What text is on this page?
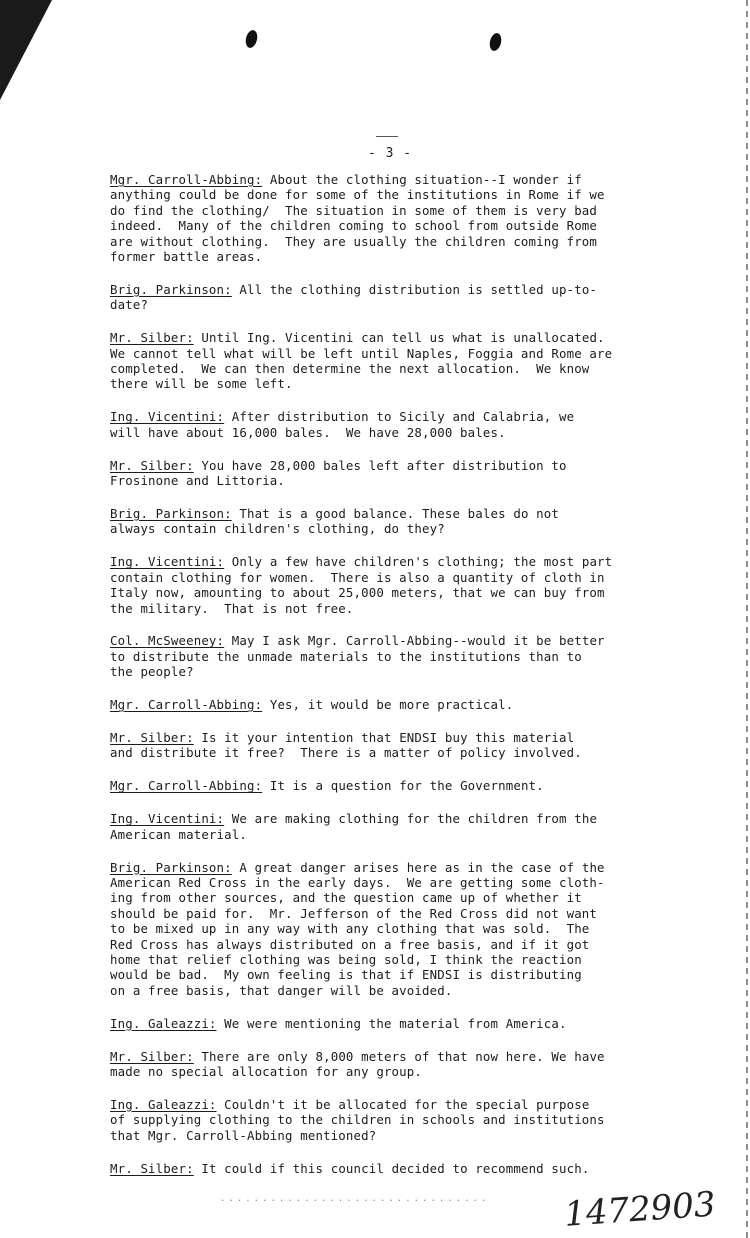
- 3 -
Mgr. Carroll-Abbing: About the clothing situation--I wonder if
anything could be done for some of the institutions in Rome if we
do find the clothing/  The situation in some of them is very bad
indeed.  Many of the children coming to school from outside Rome
are without clothing.  They are usually the children coming from
former battle areas.
Brig. Parkinson: All the clothing distribution is settled up-to-
date?
Mr. Silber: Until Ing. Vicentini can tell us what is unallocated.
We cannot tell what will be left until Naples, Foggia and Rome are
completed.  We can then determine the next allocation.  We know
there will be some left.
Ing. Vicentini: After distribution to Sicily and Calabria, we
will have about 16,000 bales.  We have 28,000 bales.
Mr. Silber: You have 28,000 bales left after distribution to
Frosinone and Littoria.
Brig. Parkinson: That is a good balance. These bales do not
always contain children's clothing, do they?
Ing. Vicentini: Only a few have children's clothing; the most part
contain clothing for women.  There is also a quantity of cloth in
Italy now, amounting to about 25,000 meters, that we can buy from
the military.  That is not free.
Col. McSweeney: May I ask Mgr. Carroll-Abbing--would it be better
to distribute the unmade materials to the institutions than to
the people?
Mgr. Carroll-Abbing: Yes, it would be more practical.
Mr. Silber: Is it your intention that ENDSI buy this material
and distribute it free?  There is a matter of policy involved.
Mgr. Carroll-Abbing: It is a question for the Government.
Ing. Vicentini: We are making clothing for the children from the
American material.
Brig. Parkinson: A great danger arises here as in the case of the
American Red Cross in the early days.  We are getting some cloth-
ing from other sources, and the question came up of whether it
should be paid for.  Mr. Jefferson of the Red Cross did not want
to be mixed up in any way with any clothing that was sold.  The
Red Cross has always distributed on a free basis, and if it got
home that relief clothing was being sold, I think the reaction
would be bad.  My own feeling is that if ENDSI is distributing
on a free basis, that danger will be avoided.
Ing. Galeazzi: We were mentioning the material from America.
Mr. Silber: There are only 8,000 meters of that now here. We have
made no special allocation for any group.
Ing. Galeazzi: Couldn't it be allocated for the special purpose
of supplying clothing to the children in schools and institutions
that Mgr. Carroll-Abbing mentioned?
Mr. Silber: It could if this council decided to recommend such.
................................ 1472903
